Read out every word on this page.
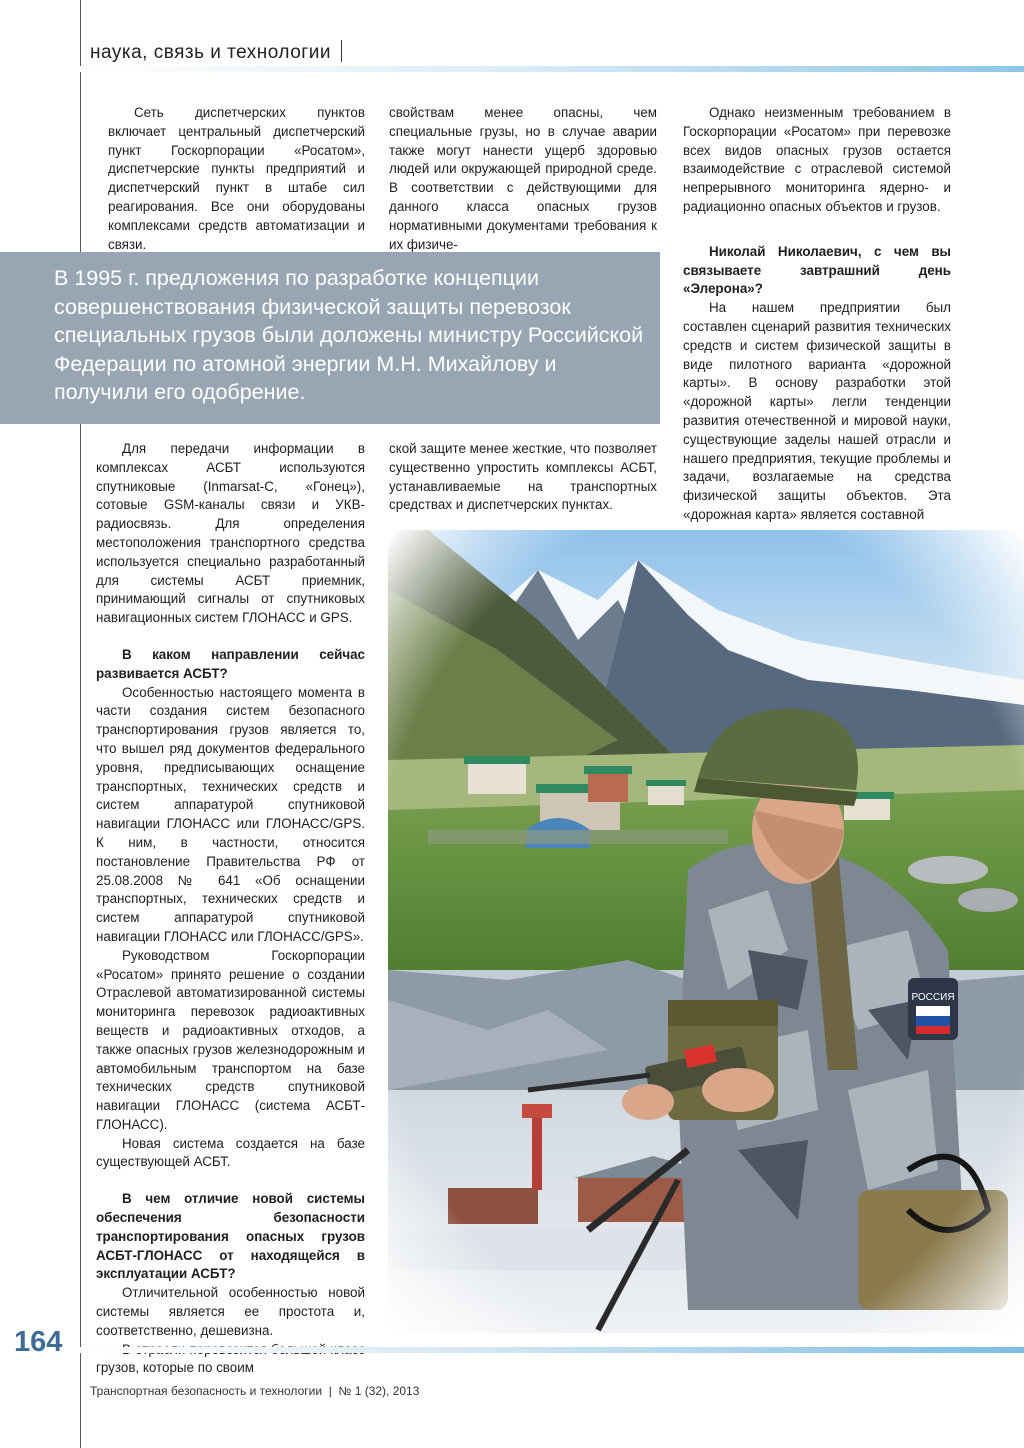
наука, связь и технологии

Сеть диспетчерских пунктов включает центральный диспетчерский пункт Госкорпорации «Росатом», диспетчерские пункты предприятий и диспетчерский пункт в штабе сил реагирования. Все они оборудованы комплексами средств автоматизации и связи.

свойствам менее опасны, чем специальные грузы, но в случае аварии также могут нанести ущерб здоровью людей или окружающей природной среде. В соответствии с действующими для данного класса опасных грузов нормативными документами требования к их физиче-

Однако неизменным требованием в Госкорпорации «Росатом» при перевозке всех видов опасных грузов остается взаимодействие с отраслевой системой непрерывного мониторинга ядерно- и радиационно опасных объектов и грузов.

Николай Николаевич, с чем вы связываете завтрашний день «Элерона»?

На нашем предприятии был составлен сценарий развития технических средств и систем физической защиты в виде пилотного варианта «дорожной карты». В основу разработки этой «дорожной карты» легли тенденции развития отечественной и мировой науки, существующие заделы нашей отрасли и нашего предприятия, текущие проблемы и задачи, возлагаемые на средства физической защиты объектов. Эта «дорожная карта» является составной

В 1995 г. предложения по разработке концепции совершенствования физической защиты перевозок специальных грузов были доложены министру Российской Федерации по атомной энергии М.Н. Михайлову и получили его одобрение.

Для передачи информации в комплексах АСБТ используются спутниковые (Inmarsat-C, «Гонец»), сотовые GSM-каналы связи и УКВ-радиосвязь. Для определения местоположения транспортного средства используется специально разработанный для системы АСБТ приемник, принимающий сигналы от спутниковых навигационных систем ГЛОНАСС и GPS.

В каком направлении сейчас развивается АСБТ?

Особенностью настоящего момента в части создания систем безопасного транспортирования грузов является то, что вышел ряд документов федерального уровня, предписывающих оснащение транспортных, технических средств и систем аппаратурой спутниковой навигации ГЛОНАСС или ГЛОНАСС/GPS. К ним, в частности, относится постановление Правительства РФ от 25.08.2008 № 641 «Об оснащении транспортных, технических средств и систем аппаратурой спутниковой навигации ГЛОНАСС или ГЛОНАСС/GPS».

Руководством Госкорпорации «Росатом» принято решение о создании Отраслевой автоматизированной системы мониторинга перевозок радиоактивных веществ и радиоактивных отходов, а также опасных грузов железнодорожным и автомобильным транспортом на базе технических средств спутниковой навигации ГЛОНАСС (система АСБТ-ГЛОНАСС).

Новая система создается на базе существующей АСБТ.

В чем отличие новой системы обеспечения безопасности транспортирования опасных грузов АСБТ-ГЛОНАСС от находящейся в эксплуатации АСБТ?

Отличительной особенностью новой системы является ее простота и, соответственно, дешевизна.

грузов, которые по своим

ской защите менее жесткие, что позволяет существенно упростить комплексы АСБТ, устанавливаемые на транспортных средствах и диспетчерских пунктах.

164
Транспортная безопасность и технологии  |  № 1 (32), 2013
